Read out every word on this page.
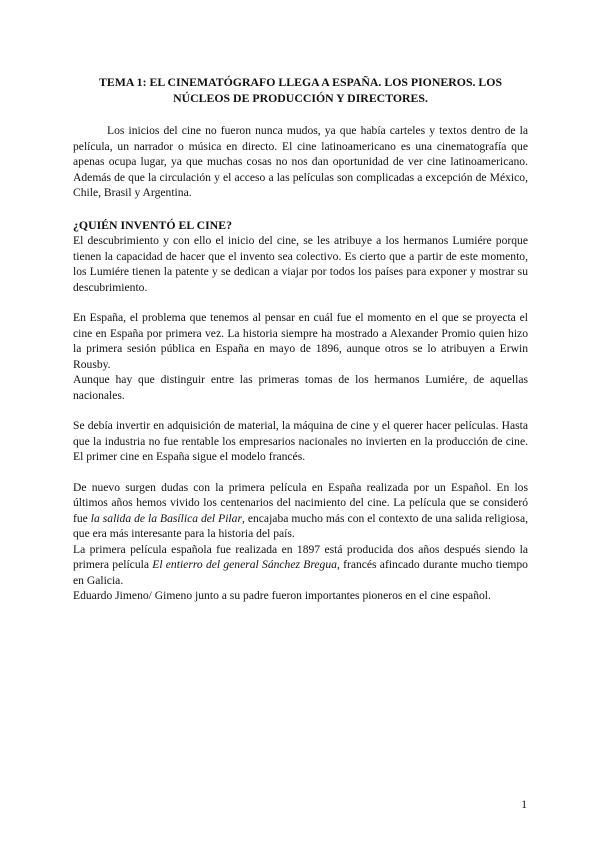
TEMA 1: EL CINEMATÓGRAFO LLEGA A ESPAÑA. LOS PIONEROS. LOS NÚCLEOS DE PRODUCCIÓN Y DIRECTORES.

Los inicios del cine no fueron nunca mudos, ya que había carteles y textos dentro de la película, un narrador o música en directo. El cine latinoamericano es una cinematografía que apenas ocupa lugar, ya que muchas cosas no nos dan oportunidad de ver cine latinoamericano. Además de que la circulación y el acceso a las películas son complicadas a excepción de México, Chile, Brasil y Argentina.

¿QUIÉN INVENTÓ EL CINE?

El descubrimiento y con ello el inicio del cine, se les atribuye a los hermanos Lumiére porque tienen la capacidad de hacer que el invento sea colectivo. Es cierto que a partir de este momento, los Lumiére tienen la patente y se dedican a viajar por todos los países para exponer y mostrar su descubrimiento.

En España, el problema que tenemos al pensar en cuál fue el momento en el que se proyecta el cine en España por primera vez. La historia siempre ha mostrado a Alexander Promio quien hizo la primera sesión pública en España en mayo de 1896, aunque otros se lo atribuyen a Erwin Rousby.

Aunque hay que distinguir entre las primeras tomas de los hermanos Lumiére, de aquellas nacionales.

Se debía invertir en adquisición de material, la máquina de cine y el querer hacer películas. Hasta que la industria no fue rentable los empresarios nacionales no invierten en la producción de cine. El primer cine en España sigue el modelo francés.

De nuevo surgen dudas con la primera película en España realizada por un Español. En los últimos años hemos vivido los centenarios del nacimiento del cine. La película que se consideró fue la salida de la Basílica del Pilar, encajaba mucho más con el contexto de una salida religiosa, que era más interesante para la historia del país.

La primera película española fue realizada en 1897 está producida dos años después siendo la primera película El entierro del general Sánchez Bregua, francés afincado durante mucho tiempo en Galicia.

Eduardo Jimeno/ Gimeno junto a su padre fueron importantes pioneros en el cine español.

1
